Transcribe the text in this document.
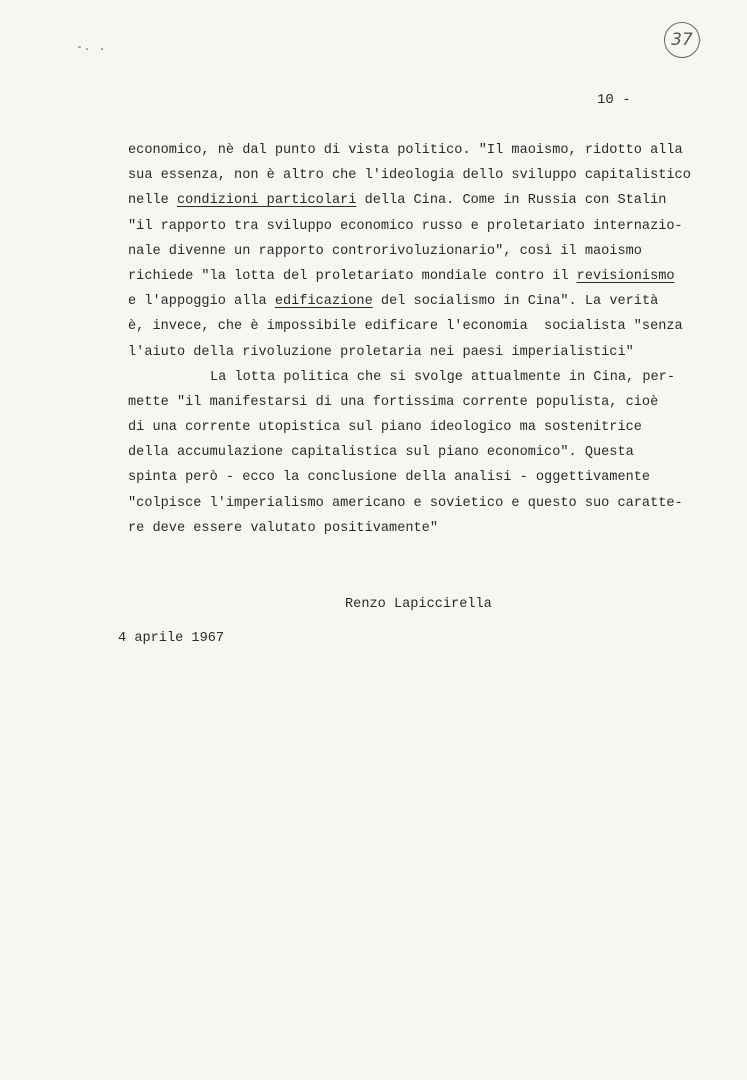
-. .	37
10 -
economico, nè dal punto di vista politico. "Il maoismo, ridotto alla
sua essenza, non è altro che l'ideologia dello sviluppo capitalistico
nelle condizioni particolari della Cina. Come in Russia con Stalin
"il rapporto tra sviluppo economico russo e proletariato internazio-
nale divenne un rapporto controrivoluzionario", così il maoismo
richiede "la lotta del proletariato mondiale contro il revisionismo
e l'appoggio alla edificazione del socialismo in Cina". La verità
è, invece, che è impossibile edificare l'economia  socialista "senza
l'aiuto della rivoluzione proletaria nei paesi imperialistici"
La lotta politica che si svolge attualmente in Cina, per-
mette "il manifestarsi di una fortissima corrente populista, cioè
di una corrente utopistica sul piano ideologico ma sostenitrice
della accumulazione capitalistica sul piano economico". Questa
spinta però - ecco la conclusione della analisi - oggettivamente
"colpisce l'imperialismo americano e sovietico e questo suo caratte-
re deve essere valutato positivamente"
Renzo Lapiccirella
4 aprile 1967
